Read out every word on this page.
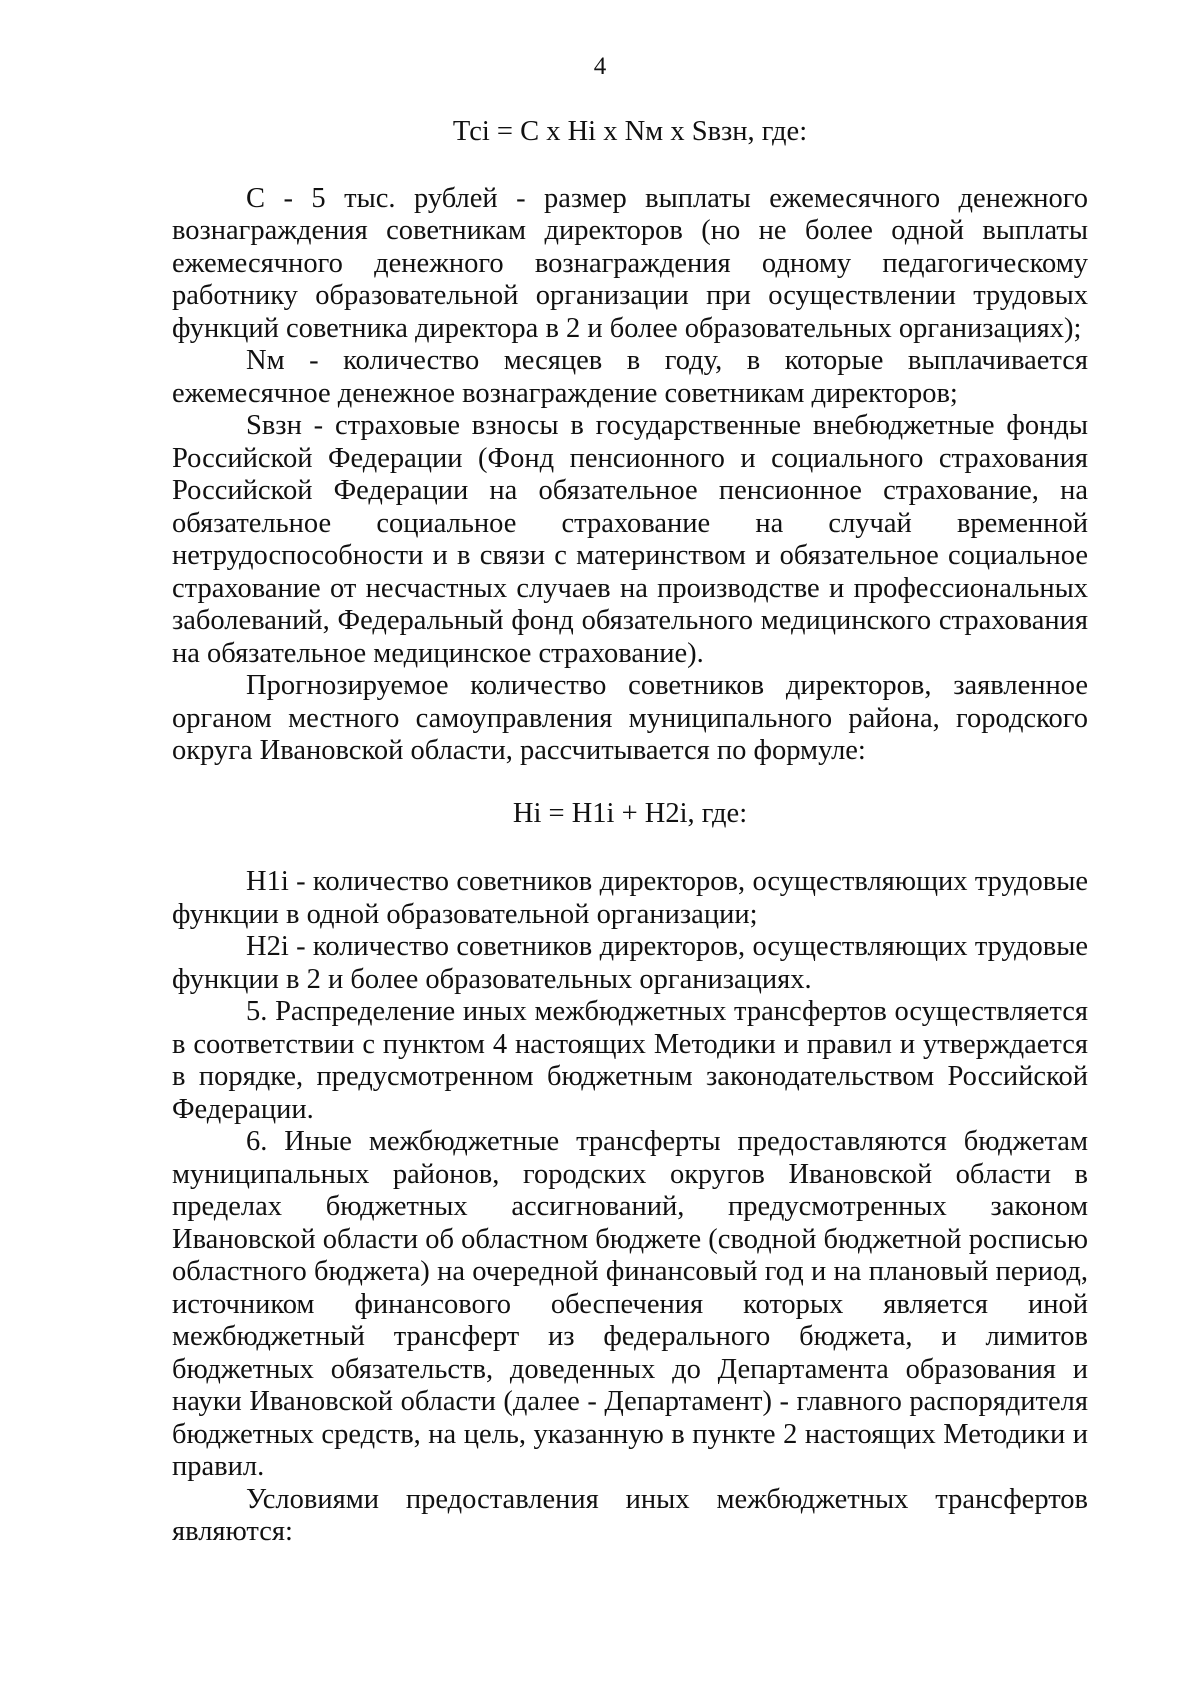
4

Тсi = С х Нi х Nм х Sвзн, где:

С - 5 тыс. рублей - размер выплаты ежемесячного денежного вознаграждения советникам директоров (но не более одной выплаты ежемесячного денежного вознаграждения одному педагогическому работнику образовательной организации при осуществлении трудовых функций советника директора в 2 и более образовательных организациях);

Nм - количество месяцев в году, в которые выплачивается ежемесячное денежное вознаграждение советникам директоров;

Sвзн - страховые взносы в государственные внебюджетные фонды Российской Федерации (Фонд пенсионного и социального страхования Российской Федерации на обязательное пенсионное страхование, на обязательное социальное страхование на случай временной нетрудоспособности и в связи с материнством и обязательное социальное страхование от несчастных случаев на производстве и профессиональных заболеваний, Федеральный фонд обязательного медицинского страхования на обязательное медицинское страхование).

Прогнозируемое количество советников директоров, заявленное органом местного самоуправления муниципального района, городского округа Ивановской области, рассчитывается по формуле:

Нi = Н1i + Н2i, где:

Н1i - количество советников директоров, осуществляющих трудовые функции в одной образовательной организации;

Н2i - количество советников директоров, осуществляющих трудовые функции в 2 и более образовательных организациях.

5. Распределение иных межбюджетных трансфертов осуществляется в соответствии с пунктом 4 настоящих Методики и правил и утверждается в порядке, предусмотренном бюджетным законодательством Российской Федерации.

6. Иные межбюджетные трансферты предоставляются бюджетам муниципальных районов, городских округов Ивановской области в пределах бюджетных ассигнований, предусмотренных законом Ивановской области об областном бюджете (сводной бюджетной росписью областного бюджета) на очередной финансовый год и на плановый период, источником финансового обеспечения которых является иной межбюджетный трансферт из федерального бюджета, и лимитов бюджетных обязательств, доведенных до Департамента образования и науки Ивановской области (далее - Департамент) - главного распорядителя бюджетных средств, на цель, указанную в пункте 2 настоящих Методики и правил.

Условиями предоставления иных межбюджетных трансфертов являются:
